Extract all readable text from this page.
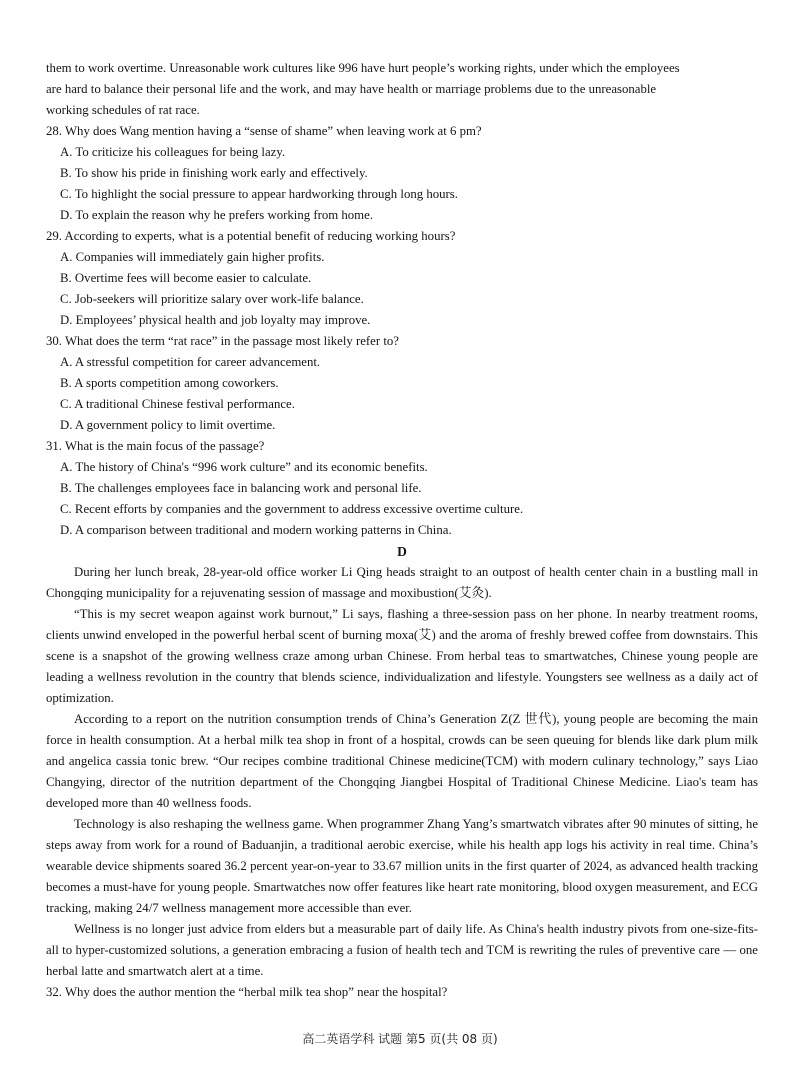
them to work overtime. Unreasonable work cultures like 996 have hurt people’s working rights, under which the employees
are hard to balance their personal life and the work, and may have health or marriage problems due to the unreasonable
working schedules of rat race.
28. Why does Wang mention having a “sense of shame” when leaving work at 6 pm?
A. To criticize his colleagues for being lazy.
B. To show his pride in finishing work early and effectively.
C. To highlight the social pressure to appear hardworking through long hours.
D. To explain the reason why he prefers working from home.
29. According to experts, what is a potential benefit of reducing working hours?
A. Companies will immediately gain higher profits.
B. Overtime fees will become easier to calculate.
C. Job-seekers will prioritize salary over work-life balance.
D. Employees’ physical health and job loyalty may improve.
30. What does the term “rat race” in the passage most likely refer to?
A. A stressful competition for career advancement.
B. A sports competition among coworkers.
C. A traditional Chinese festival performance.
D. A government policy to limit overtime.
31. What is the main focus of the passage?
A. The history of China's “996 work culture” and its economic benefits.
B. The challenges employees face in balancing work and personal life.
C. Recent efforts by companies and the government to address excessive overtime culture.
D. A comparison between traditional and modern working patterns in China.
D
During her lunch break, 28-year-old office worker Li Qing heads straight to an outpost of health center chain in a bustling mall in Chongqing municipality for a rejuvenating session of massage and moxibustion(艾灸).
“This is my secret weapon against work burnout,” Li says, flashing a three-session pass on her phone. In nearby treatment rooms, clients unwind enveloped in the powerful herbal scent of burning moxa(艾) and the aroma of freshly brewed coffee from downstairs. This scene is a snapshot of the growing wellness craze among urban Chinese. From herbal teas to smartwatches, Chinese young people are leading a wellness revolution in the country that blends science, individualization and lifestyle. Youngsters see wellness as a daily act of optimization.
According to a report on the nutrition consumption trends of China’s Generation Z(Z 世代), young people are becoming the main force in health consumption. At a herbal milk tea shop in front of a hospital, crowds can be seen queuing for blends like dark plum milk and angelica cassia tonic brew. “Our recipes combine traditional Chinese medicine(TCM) with modern culinary technology,” says Liao Changying, director of the nutrition department of the Chongqing Jiangbei Hospital of Traditional Chinese Medicine. Liao's team has developed more than 40 wellness foods.
Technology is also reshaping the wellness game. When programmer Zhang Yang’s smartwatch vibrates after 90 minutes of sitting, he steps away from work for a round of Baduanjin, a traditional aerobic exercise, while his health app logs his activity in real time. China’s wearable device shipments soared 36.2 percent year-on-year to 33.67 million units in the first quarter of 2024, as advanced health tracking becomes a must-have for young people. Smartwatches now offer features like heart rate monitoring, blood oxygen measurement, and ECG tracking, making 24/7 wellness management more accessible than ever.
Wellness is no longer just advice from elders but a measurable part of daily life. As China's health industry pivots from one-size-fits-all to hyper-customized solutions, a generation embracing a fusion of health tech and TCM is rewriting the rules of preventive care — one herbal latte and smartwatch alert at a time.
32. Why does the author mention the “herbal milk tea shop” near the hospital?
高二英语学科 试题 第5 页(共 08 页)
